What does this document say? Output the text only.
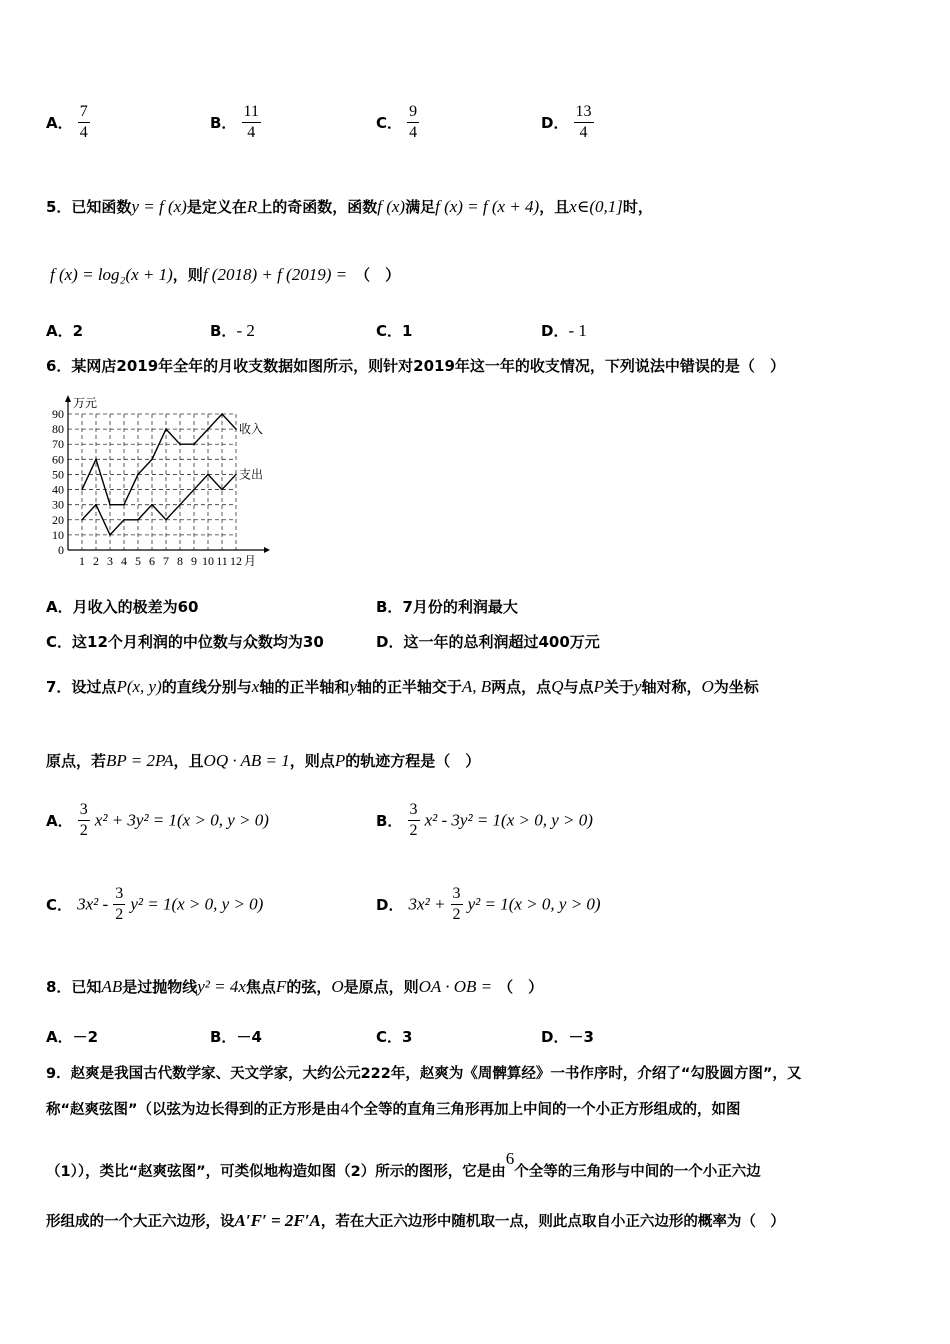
A． $\frac{7}{4}$	B． $\frac{11}{4}$	C． $\frac{9}{4}$	D． $\frac{13}{4}$
5．已知函数y = f (x)是定义在R上的奇函数，函数f (x)满足f (x) = f (x + 4)，且x∈(0,1]时，
f (x) = log₂(x + 1)，则f (2018) + f (2019) = （　）
A．2	B．- 2	C．1	D．- 1
6．某网店2019年全年的月收支数据如图所示，则针对2019年这一年的收支情况，下列说法中错误的是（　）
0
10
20
30
40
50
60
70
80
90
1 2 3 4 5 6 7 8 9 10 11 12
万元
月
收入
支出
A．月收入的极差为60	B．7月份的利润最大
C．这12个月利润的中位数与众数均为30	D．这一年的总利润超过400万元
7．设过点P(x, y)的直线分别与x轴的正半轴和y轴的正半轴交于A, B两点，点Q与点P关于y轴对称，O为坐标
原点，若BP = 2PA，且OQ · AB = 1，则点P的轨迹方程是（　）
A． $\frac{3}{2} x^2 + 3y^2 = 1(x > 0$, y > 0)	B． $\frac{3}{2} x^2 - 3y^2 = 1(x > 0$, y > 0)
C． $3x^2 - \frac{3}{2} y^2 = 1(x > 0$, y > 0)	D． $3x^2 + \frac{3}{2} y^2 = 1(x > 0$, y > 0)
8．已知AB是过抛物线y² = 4x焦点F的弦，O是原点，则OA · OB = （　）
A．－2	B．－4	C．3	D．－3
9．赵爽是我国古代数学家、天文学家，大约公元222年，赵爽为《周髀算经》一书作序时，介绍了“勾股圆方图”，又
称“赵爽弦图”（以弦为边长得到的正方形是由4个全等的直角三角形再加上中间的一个小正方形组成的，如图
（1）），类比“赵爽弦图”，可类似地构造如图（2）所示的图形，它是由6个全等的三角形与中间的一个小正六边
形组成的一个大正六边形，设A′F′ = 2F′A，若在大正六边形中随机取一点，则此点取自小正六边形的概率为（　）
